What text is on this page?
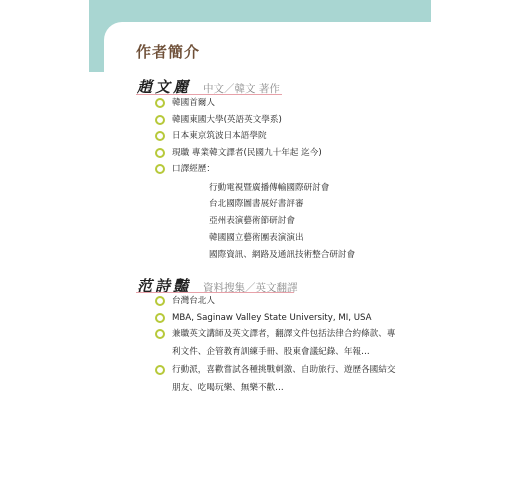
作者簡介
趙文麗 中文／韓文 著作
韓國首爾人
韓國東國大學(英語英文學系)
日本東京筑波日本語學院
現職 專業韓文譯者(民國九十年起 迄今)
口譯經歷：
行動電視暨廣播傳輸國際研討會
台北國際圖書展好書評審
亞州表演藝術節研討會
韓國國立藝術團表演演出
國際資訊、網路及通訊技術整合研討會
范詩豔 資料搜集／英文翻譯
台灣台北人
MBA, Saginaw Valley State University, MI, USA
兼職英文講師及英文譯者，翻譯文件包括法律合約條款、專利文件、企管教育訓練手冊、股東會議紀錄、年報…
行動派，喜歡嘗試各種挑戰刺激、自助旅行、遊歷各國結交朋友、吃喝玩樂、無樂不歡…
